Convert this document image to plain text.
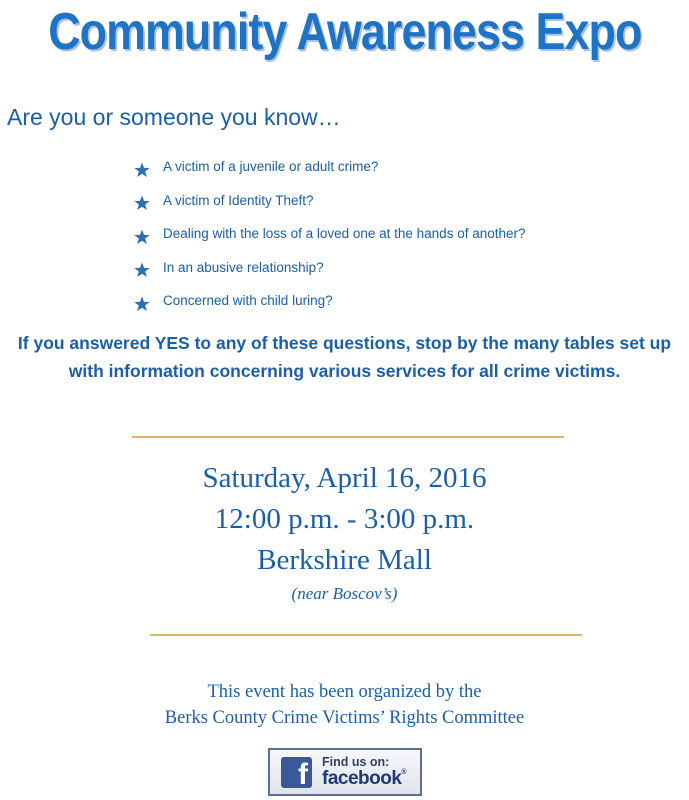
Community Awareness Expo
Are you or someone you know…
A victim of a juvenile or adult crime?
A victim of Identity Theft?
Dealing with the loss of a loved one at the hands of another?
In an abusive relationship?
Concerned with child luring?
If you answered YES to any of these questions, stop by the many tables set up with information concerning various services for all crime victims.
Saturday, April 16, 2016
12:00 p.m. - 3:00 p.m.
Berkshire Mall
(near Boscov’s)
This event has been organized by the
Berks County Crime Victims’ Rights Committee
f Find us on:
facebook®
